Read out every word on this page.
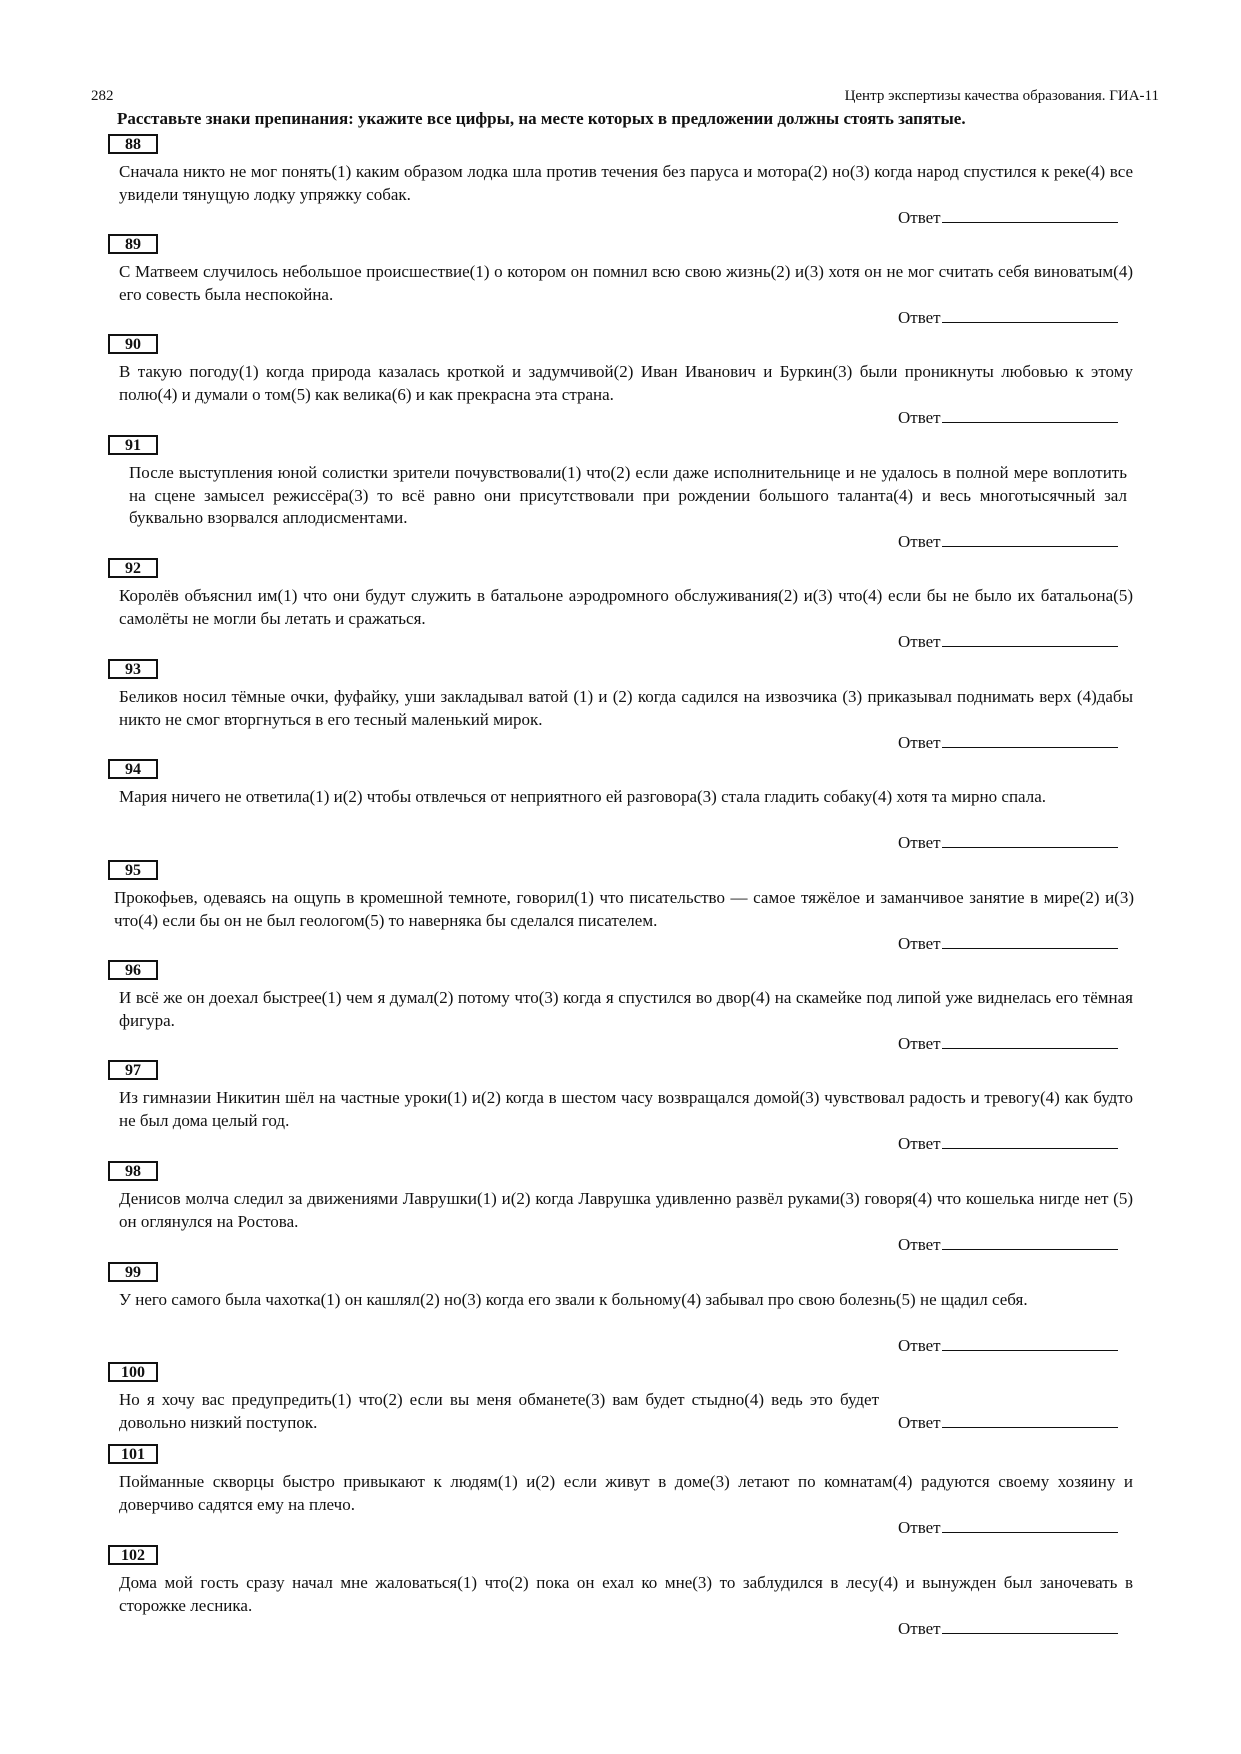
282	Центр экспертизы качества образования. ГИА-11
Расставьте знаки препинания: укажите все цифры, на месте которых в предложении должны стоять запятые.
88
Сначала никто не мог понять(1) каким образом лодка шла против течения без паруса и мотора(2) но(3) когда народ спустился к реке(4) все увидели тянущую лодку упряжку собак.
Ответ
89
С Матвеем случилось небольшое происшествие(1) о котором он помнил всю свою жизнь(2) и(3) хотя он не мог считать себя виноватым(4) его совесть была неспокойна.
Ответ
90
В такую погоду(1) когда природа казалась кроткой и задумчивой(2) Иван Иванович и Буркин(3) были проникнуты любовью к этому полю(4) и думали о том(5) как велика(6) и как прекрасна эта страна.
Ответ
91
После выступления юной солистки зрители почувствовали(1) что(2) если даже исполнительнице и не удалось в полной мере воплотить на сцене замысел режиссёра(3) то всё равно они присутствовали при рождении большого таланта(4) и весь многотысячный зал буквально взорвался аплодисментами.
Ответ
92
Королёв объяснил им(1) что они будут служить в батальоне аэродромного обслуживания(2) и(3) что(4) если бы не было их батальона(5) самолёты не могли бы летать и сражаться.
Ответ
93
Беликов носил тёмные очки, фуфайку, уши закладывал ватой (1) и (2) когда садился на извозчика (3) приказывал поднимать верх (4)дабы никто не смог вторгнуться в его тесный маленький мирок.
Ответ
94
Мария ничего не ответила(1) и(2) чтобы отвлечься от неприятного ей разговора(3) стала гладить собаку(4) хотя та мирно спала.
Ответ
95
Прокофьев, одеваясь на ощупь в кромешной темноте, говорил(1) что писательство — самое тяжёлое и заманчивое занятие в мире(2) и(3) что(4) если бы он не был геологом(5) то наверняка бы сделался писателем.
Ответ
96
И всё же он доехал быстрее(1) чем я думал(2) потому что(3) когда я спустился во двор(4) на скамейке под липой уже виднелась его тёмная фигура.
Ответ
97
Из гимназии Никитин шёл на частные уроки(1) и(2) когда в шестом часу возвращался домой(3) чувствовал радость и тревогу(4) как будто не был дома целый год.
Ответ
98
Денисов молча следил за движениями Лаврушки(1) и(2) когда Лаврушка удивленно развёл руками(3) говоря(4) что кошелька нигде нет (5) он оглянулся на Ростова.
Ответ
99
У него самого была чахотка(1) он кашлял(2) но(3) когда его звали к больному(4) забывал про свою болезнь(5) не щадил себя.
Ответ
100
Но я хочу вас предупредить(1) что(2) если вы меня обманете(3) вам будет стыдно(4) ведь это будет довольно низкий поступок.	Ответ
101
Пойманные скворцы быстро привыкают к людям(1) и(2) если живут в доме(3) летают по комнатам(4) радуются своему хозяину и доверчиво садятся ему на плечо.
Ответ
102
Дома мой гость сразу начал мне жаловаться(1) что(2) пока он ехал ко мне(3) то заблудился в лесу(4) и вынужден был заночевать в сторожке лесника.
Ответ
